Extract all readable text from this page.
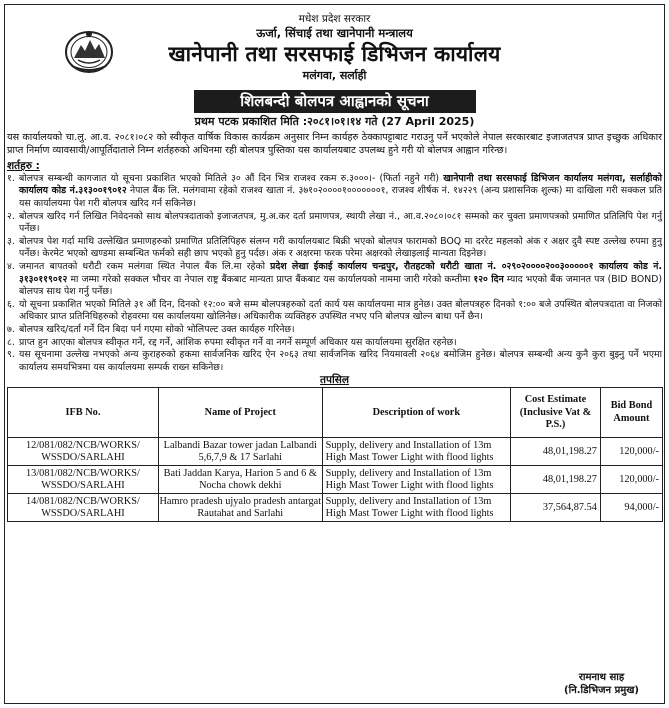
मधेश प्रदेश सरकार
ऊर्जा, सिंचाई तथा खानेपानी मन्त्रालय
खानेपानी तथा सरसफाई डिभिजन कार्यालय
मलंगवा, सर्लाही
शिलबन्दी बोलपत्र आह्वानको सूचना
प्रथम पटक प्रकाशित मिति :२०८१।०१।१४ गते (27 April 2025)

यस कार्यालयको चा.लु. आ.व. २०८१।०८२ को स्वीकृत वार्षिक विकास कार्यक्रम अनुसार निम्न कार्यहरु ठेक्कापट्टाबाट गराउनु पर्ने भएकोले नेपाल सरकारबाट इजाजतपत्र प्राप्त इच्छुक अधिकार प्राप्त निर्माण व्यावसायी/आपूर्तिदाताले निम्न शर्तहरुको अधिनमा रही बोलपत्र पुस्तिका यस कार्यालयबाट उपलब्ध हुने गरी यो बोलपत्र आह्वान गरिन्छ।

शर्तहरु :
१. बोलपत्र सम्बन्धी कागजात यो सूचना प्रकाशित भएको मितिले ३० औं दिन भित्र राजश्व रकम रु.३०००।- (फिर्ता नहुने गरी) खानेपानी तथा सरसफाई डिभिजन कार्यालय मलंगवा, सर्लाहीको कार्यालय कोड नं.३१३००१९०१२ नेपाल बैंक लि. मलंगवामा रहेको राजश्व खाता नं. ३७१०२००००१०००००००१, राजश्व शीर्षक नं. १४२२९ (अन्य प्रशासनिक शुल्क) मा दाखिला गरी सक्कल प्रति यस कार्यालयमा पेश गरी बोलपत्र खरिद गर्न सकिनेछ।
२. बोलपत्र खरिद गर्न लिखित निवेदनको साथ बोलपत्रदाताको इजाजतपत्र, मु.अ.कर दर्ता प्रमाणपत्र, स्थायी लेखा नं., आ.व.२०८०।०८१ सम्मको कर चुक्ता प्रमाणपत्रको प्रमाणित प्रतिलिपि पेश गर्नु पर्नेछ।
३. बोलपत्र पेश गर्दा माथि उल्लेखित प्रमाणहरुको प्रमाणित प्रतिलिपिहरु संलग्न गरी कार्यालयबाट बिक्री भएको बोलपत्र फारामको BOQ मा दररेट महलको अंक र अक्षर दुवै स्पष्ट उल्लेख रुपमा हुनु पर्नेछ। केरमेट भएको खण्डमा सम्बन्धित फर्मको सही छाप भएको हुनु पर्दछ। अंक र अक्षरमा फरक परेमा अक्षरको लेखाइलाई मान्यता दिइनेछ।
४. जमानत बापतको धरौटी रकम मलंगवा स्थित नेपाल बैंक लि.मा रहेको प्रदेश लेखा ईकाई कार्यालय चन्द्रपुर, रौतहटको धरौटी खाता नं. ०२९०२००००२००३०००००१ कार्यालय कोड नं. ३१३०११९०१२ मा जम्मा गरेको सक्कल भौचर वा नेपाल राष्ट्र बैंकबाट मान्यता प्राप्त बैंकबाट यस कार्यालयको नाममा जारी गरेको कम्तीमा १२० दिन म्याद भएको बैंक जमानत पत्र (BID BOND) बोलपत्र साथ पेश गर्नु पर्नेछ।
६. यो सूचना प्रकाशित भएको मितिले ३१ औं दिन, दिनको १२:०० बजे सम्म बोलपत्रहरुको दर्ता कार्य यस कार्यालयमा मात्र हुनेछ। उक्त बोलपत्रहरु दिनको १:०० बजे उपस्थित बोलपत्रदाता वा निजको अधिकार प्राप्त प्रतिनिधिहरुको रोहवरमा यस कार्यालयमा खोलिनेछ। अधिकारीक व्यक्तिहरु उपस्थित नभए पनि बोलपत्र खोल्न बाधा पर्ने छैन।
७. बोलपत्र खरिद/दर्ता गर्ने दिन बिदा पर्न गएमा सोको भोलिपल्ट उक्त कार्यहरु गरिनेछ।
८. प्राप्त हुन आएका बोलपत्र स्वीकृत गर्ने, रद्द गर्ने, आंशिक रुपमा स्वीकृत गर्ने वा नगर्ने सम्पूर्ण अधिकार यस कार्यालयमा सुरक्षित रहनेछ।
९. यस सूचनामा उल्लेख नभएको अन्य कुराहरुको हकमा सार्वजनिक खरिद ऐन २०६३ तथा सार्वजनिक खरिद नियमावली २०६४ बमोजिम हुनेछ। बोलपत्र सम्बन्धी अन्य कुनै कुरा बुझ्नु पर्ने भएमा कार्यालय समयभित्रमा यस कार्यालयमा सम्पर्क राख्न सकिनेछ।
तपसिल
IFB No.	Name of Project	Description of work	Cost Estimate (Inclusive Vat & P.S.)	Bid Bond Amount
12/081/082/NCB/WORKS/ WSSDO/SARLAHI	Lalbandi Bazar tower jadan Lalbandi 5,6,7,9 & 17 Sarlahi	Supply, delivery and Installation of 13m High Mast Tower Light with flood lights	48,01,198.27	120,000/-
13/081/082/NCB/WORKS/ WSSDO/SARLAHI	Bati Jaddan Karya, Harion 5 and 6 & Nocha chowk dekhi	Supply, delivery and Installation of 13m High Mast Tower Light with flood lights	48,01,198.27	120,000/-
14/081/082/NCB/WORKS/ WSSDO/SARLAHI	Hamro pradesh ujyalo pradesh antargat Rautahat and Sarlahi	Supply, delivery and Installation of 13m High Mast Tower Light with flood lights	37,564,87.54	94,000/-
रामनाथ साह
(नि.डिभिजन प्रमुख)
